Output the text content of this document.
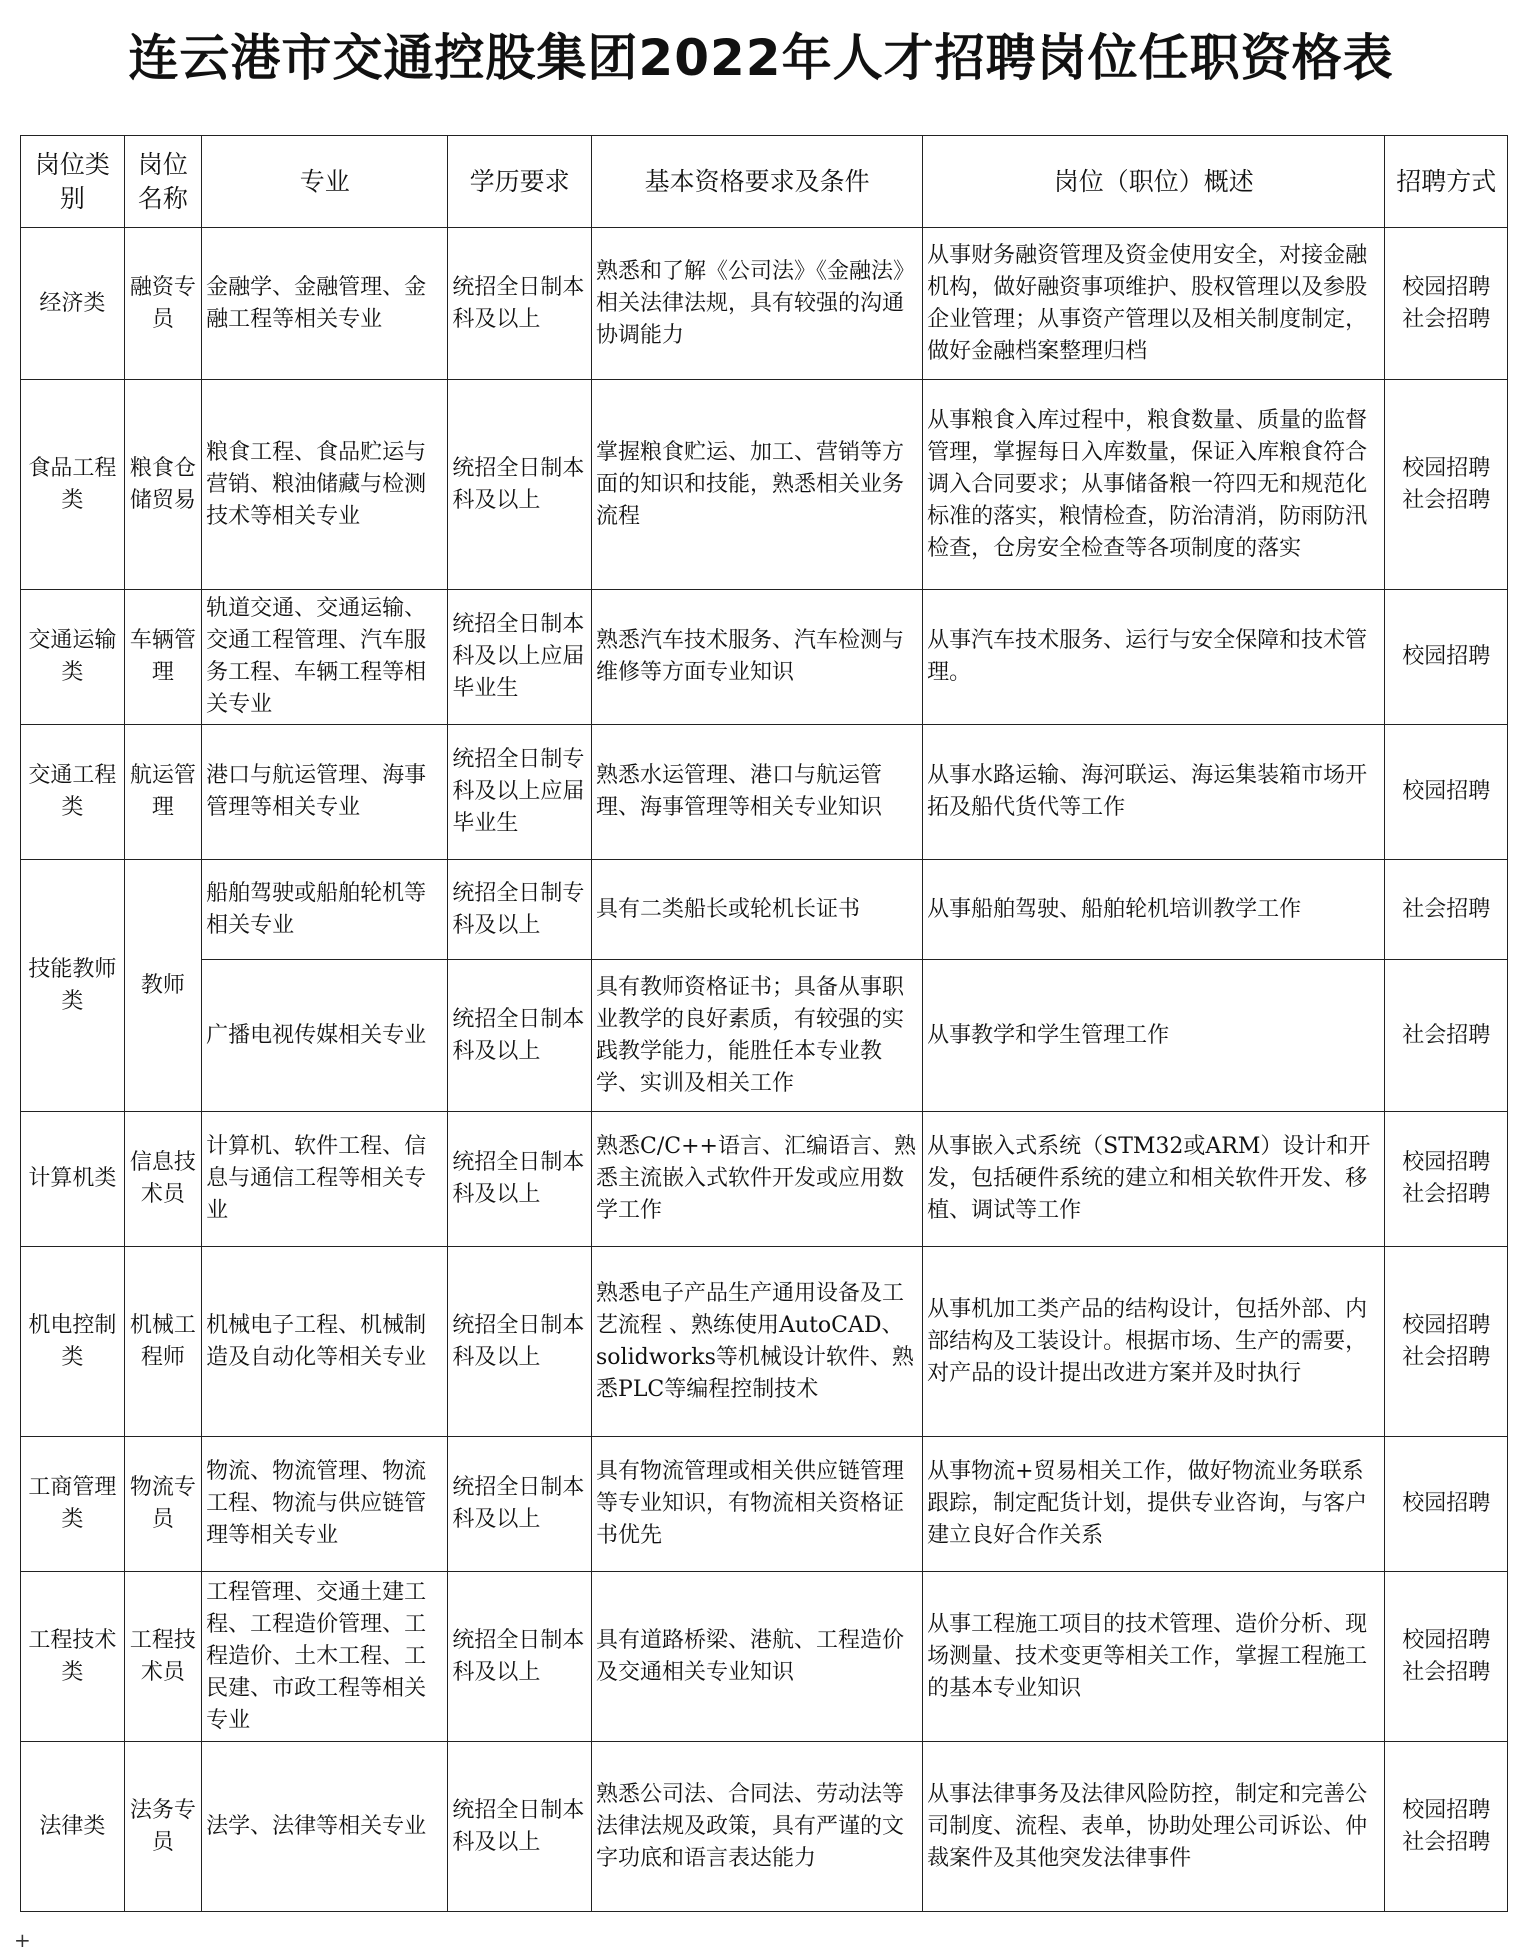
连云港市交通控股集团2022年人才招聘岗位任职资格表
岗位类别	岗位名称	专业	学历要求	基本资格要求及条件	岗位（职位）概述	招聘方式
经济类	融资专员	金融学、金融管理、金融工程等相关专业	统招全日制本科及以上	熟悉和了解《公司法》《金融法》相关法律法规，具有较强的沟通协调能力	从事财务融资管理及资金使用安全，对接金融机构，做好融资事项维护、股权管理以及参股企业管理；从事资产管理以及相关制度制定，做好金融档案整理归档	校园招聘 社会招聘
食品工程类	粮食仓储贸易	粮食工程、食品贮运与营销、粮油储藏与检测技术等相关专业	统招全日制本科及以上	掌握粮食贮运、加工、营销等方面的知识和技能，熟悉相关业务流程	从事粮食入库过程中，粮食数量、质量的监督管理，掌握每日入库数量，保证入库粮食符合调入合同要求；从事储备粮一符四无和规范化标准的落实，粮情检查，防治清消，防雨防汛检查，仓房安全检查等各项制度的落实	校园招聘 社会招聘
交通运输类	车辆管理	轨道交通、交通运输、交通工程管理、汽车服务工程、车辆工程等相关专业	统招全日制本科及以上应届毕业生	熟悉汽车技术服务、汽车检测与维修等方面专业知识	从事汽车技术服务、运行与安全保障和技术管理。	校园招聘
交通工程类	航运管理	港口与航运管理、海事管理等相关专业	统招全日制专科及以上应届毕业生	熟悉水运管理、港口与航运管理、海事管理等相关专业知识	从事水路运输、海河联运、海运集装箱市场开拓及船代货代等工作	校园招聘
技能教师类	教师	船舶驾驶或船舶轮机等相关专业	统招全日制专科及以上	具有二类船长或轮机长证书	从事船舶驾驶、船舶轮机培训教学工作	社会招聘
		广播电视传媒相关专业	统招全日制本科及以上	具有教师资格证书；具备从事职业教学的良好素质，有较强的实践教学能力，能胜任本专业教学、实训及相关工作	从事教学和学生管理工作	社会招聘
计算机类	信息技术员	计算机、软件工程、信息与通信工程等相关专业	统招全日制本科及以上	熟悉C/C++语言、汇编语言、熟悉主流嵌入式软件开发或应用数学工作	从事嵌入式系统（STM32或ARM）设计和开发，包括硬件系统的建立和相关软件开发、移植、调试等工作	校园招聘 社会招聘
机电控制类	机械工程师	机械电子工程、机械制造及自动化等相关专业	统招全日制本科及以上	熟悉电子产品生产通用设备及工艺流程 、熟练使用AutoCAD、solidworks等机械设计软件、熟悉PLC等编程控制技术	从事机加工类产品的结构设计，包括外部、内部结构及工装设计。根据市场、生产的需要，对产品的设计提出改进方案并及时执行	校园招聘 社会招聘
工商管理类	物流专员	物流、物流管理、物流工程、物流与供应链管理等相关专业	统招全日制本科及以上	具有物流管理或相关供应链管理等专业知识，有物流相关资格证书优先	从事物流+贸易相关工作，做好物流业务联系跟踪，制定配货计划，提供专业咨询，与客户建立良好合作关系	校园招聘
工程技术类	工程技术员	工程管理、交通土建工程、工程造价管理、工程造价、土木工程、工民建、市政工程等相关专业	统招全日制本科及以上	具有道路桥梁、港航、工程造价及交通相关专业知识	从事工程施工项目的技术管理、造价分析、现场测量、技术变更等相关工作，掌握工程施工的基本专业知识	校园招聘 社会招聘
法律类	法务专员	法学、法律等相关专业	统招全日制本科及以上	熟悉公司法、合同法、劳动法等法律法规及政策，具有严谨的文字功底和语言表达能力	从事法律事务及法律风险防控，制定和完善公司制度、流程、表单，协助处理公司诉讼、仲裁案件及其他突发法律事件	校园招聘 社会招聘
+
